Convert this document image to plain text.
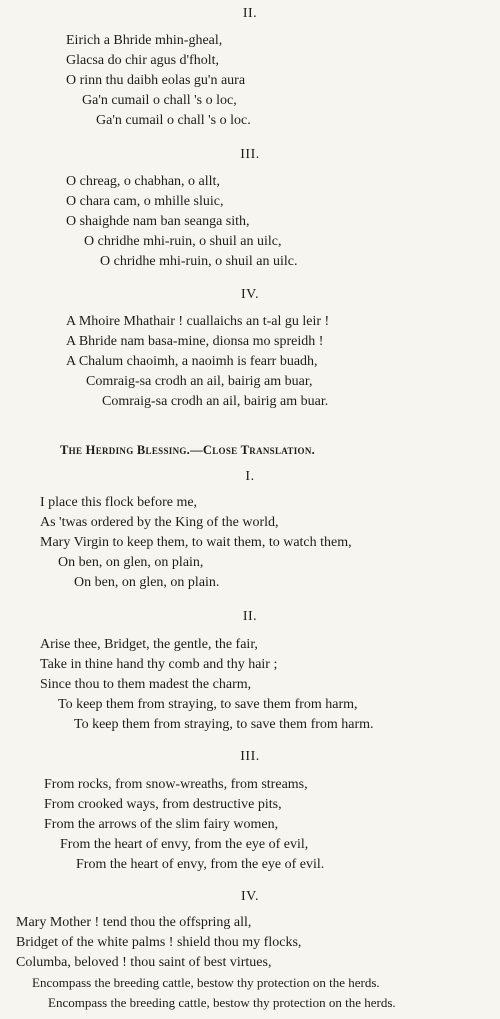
II.
Eirich a Bhride mhin-gheal,
Glacsa do chir agus d'fholt,
O rinn thu daibh eolas gu'n aura
Ga'n cumail o chall 's o loc,
Ga'n cumail o chall 's o loc.
III.
O chreag, o chabhan, o allt,
O chara cam, o mhille sluic,
O shaighde nam ban seanga sith,
O chridhe mhi-ruin, o shuil an uilc,
O chridhe mhi-ruin, o shuil an uilc.
IV.
A Mhoire Mhathair ! cuallaichs an t-al gu leir !
A Bhride nam basa-mine, dionsa mo spreidh !
A Chalum chaoimh, a naoimh is fearr buadh,
Comraig-sa crodh an ail, bairig am buar,
Comraig-sa crodh an ail, bairig am buar.
The Herding Blessing.—Close Translation.
I.
I place this flock before me,
As 'twas ordered by the King of the world,
Mary Virgin to keep them, to wait them, to watch them,
On ben, on glen, on plain,
On ben, on glen, on plain.
II.
Arise thee, Bridget, the gentle, the fair,
Take in thine hand thy comb and thy hair ;
Since thou to them madest the charm,
To keep them from straying, to save them from harm,
To keep them from straying, to save them from harm.
III.
From rocks, from snow-wreaths, from streams,
From crooked ways, from destructive pits,
From the arrows of the slim fairy women,
From the heart of envy, from the eye of evil,
From the heart of envy, from the eye of evil.
IV.
Mary Mother ! tend thou the offspring all,
Bridget of the white palms ! shield thou my flocks,
Columba, beloved ! thou saint of best virtues,
Encompass the breeding cattle, bestow thy protection on the herds.
Encompass the breeding cattle, bestow thy protection on the herds.
